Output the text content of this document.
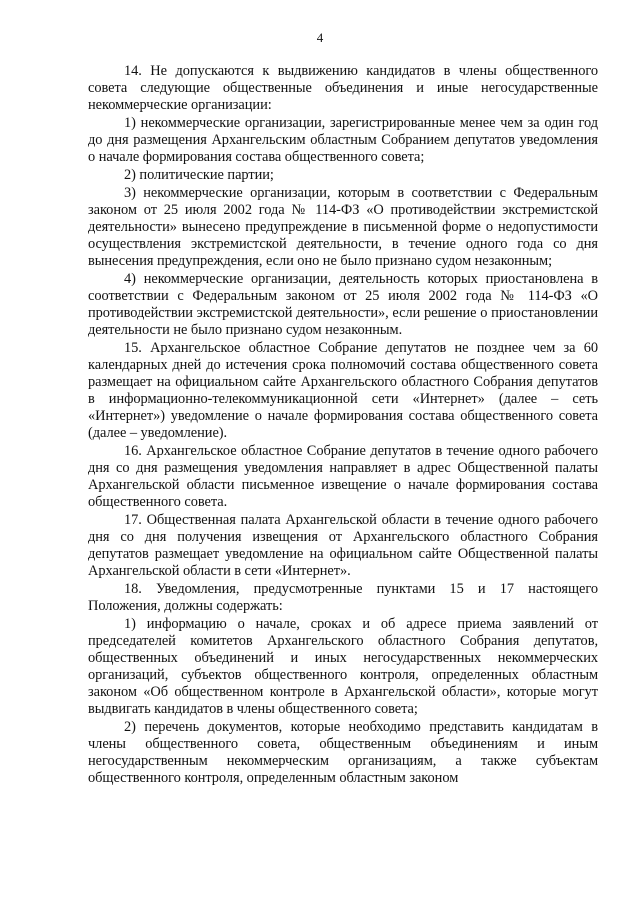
4

14. Не допускаются к выдвижению кандидатов в члены общественного совета следующие общественные объединения и иные негосударственные некоммерческие организации:

1) некоммерческие организации, зарегистрированные менее чем за один год до дня размещения Архангельским областным Собранием депутатов уведомления о начале формирования состава общественного совета;

2) политические партии;

3) некоммерческие организации, которым в соответствии с Федеральным законом от 25 июля 2002 года № 114-ФЗ «О противодействии экстремистской деятельности» вынесено предупреждение в письменной форме о недопустимости осуществления экстремистской деятельности, в течение одного года со дня вынесения предупреждения, если оно не было признано судом незаконным;

4) некоммерческие организации, деятельность которых приостановлена в соответствии с Федеральным законом от 25 июля 2002 года № 114-ФЗ «О противодействии экстремистской деятельности», если решение о приостановлении деятельности не было признано судом незаконным.

15. Архангельское областное Собрание депутатов не позднее чем за 60 календарных дней до истечения срока полномочий состава общественного совета размещает на официальном сайте Архангельского областного Собрания депутатов в информационно-телекоммуникационной сети «Интернет» (далее – сеть «Интернет») уведомление о начале формирования состава общественного совета (далее – уведомление).

16. Архангельское областное Собрание депутатов в течение одного рабочего дня со дня размещения уведомления направляет в адрес Общественной палаты Архангельской области письменное извещение о начале формирования состава общественного совета.

17. Общественная палата Архангельской области в течение одного рабочего дня со дня получения извещения от Архангельского областного Собрания депутатов размещает уведомление на официальном сайте Общественной палаты Архангельской области в сети «Интернет».

18. Уведомления, предусмотренные пунктами 15 и 17 настоящего Положения, должны содержать:

1) информацию о начале, сроках и об адресе приема заявлений от председателей комитетов Архангельского областного Собрания депутатов, общественных объединений и иных негосударственных некоммерческих организаций, субъектов общественного контроля, определенных областным законом «Об общественном контроле в Архангельской области», которые могут выдвигать кандидатов в члены общественного совета;

2) перечень документов, которые необходимо представить кандидатам в члены общественного совета, общественным объединениям и иным негосударственным некоммерческим организациям, а также субъектам общественного контроля, определенным областным законом
